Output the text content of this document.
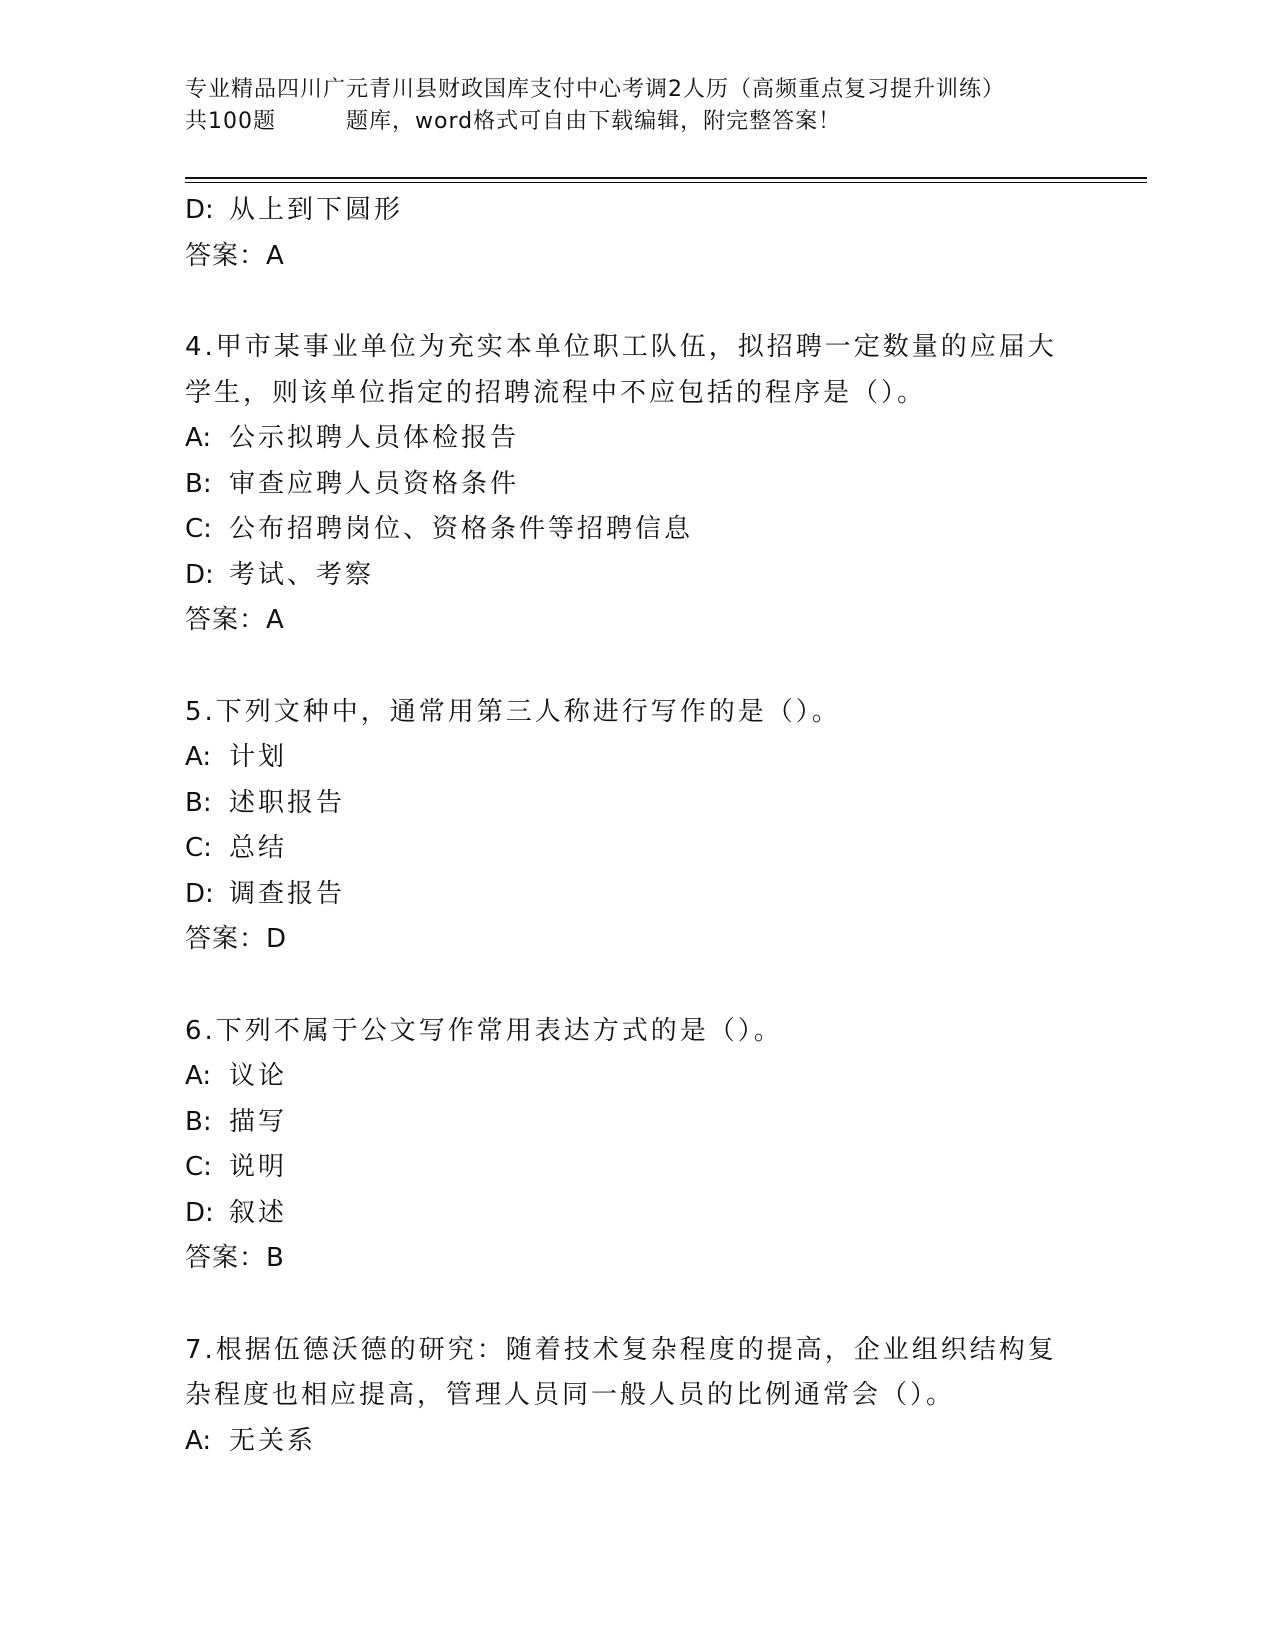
专业精品四川广元青川县财政国库支付中心考调2人历（高频重点复习提升训练）
共100题	题库，word格式可自由下载编辑，附完整答案！
D: 从上到下圆形
答案：A
4.甲市某事业单位为充实本单位职工队伍，拟招聘一定数量的应届大
学生，则该单位指定的招聘流程中不应包括的程序是（）。
A: 公示拟聘人员体检报告
B: 审查应聘人员资格条件
C: 公布招聘岗位、资格条件等招聘信息
D: 考试、考察
答案：A
5.下列文种中，通常用第三人称进行写作的是（）。
A: 计划
B: 述职报告
C: 总结
D: 调查报告
答案：D
6.下列不属于公文写作常用表达方式的是（）。
A: 议论
B: 描写
C: 说明
D: 叙述
答案：B
7.根据伍德沃德的研究：随着技术复杂程度的提高，企业组织结构复
杂程度也相应提高，管理人员同一般人员的比例通常会（）。
A: 无关系
